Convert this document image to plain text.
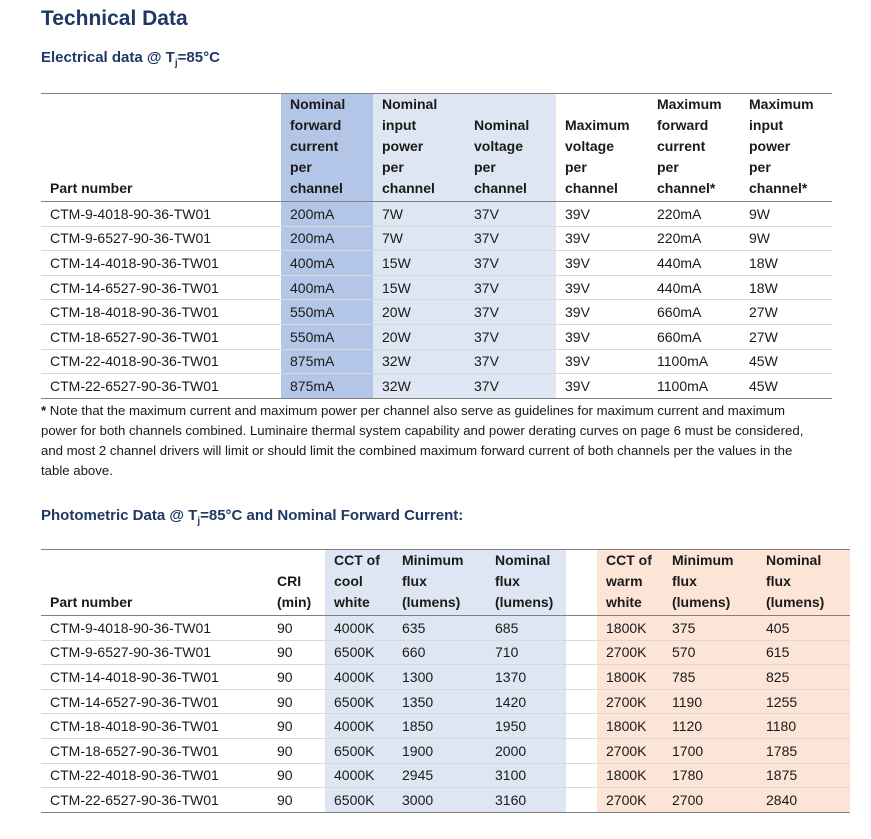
Technical Data
Electrical data @ $T_j=85^\circ C$
Part number	Nominal
forward
current
per
channel	Nominal
input
power
per
channel	Nominal
voltage
per
channel	Maximum
voltage
per
channel	Maximum
forward
current
per
channel*	Maximum
input
power
per
channel*

CTM-9-4018-90-36-TW01	200mA	7W	37V	39V	220mA	9W
CTM-9-6527-90-36-TW01	200mA	7W	37V	39V	220mA	9W
CTM-14-4018-90-36-TW01	400mA	15W	37V	39V	440mA	18W
CTM-14-6527-90-36-TW01	400mA	15W	37V	39V	440mA	18W
CTM-18-4018-90-36-TW01	550mA	20W	37V	39V	660mA	27W
CTM-18-6527-90-36-TW01	550mA	20W	37V	39V	660mA	27W
CTM-22-4018-90-36-TW01	875mA	32W	37V	39V	1100mA	45W
CTM-22-6527-90-36-TW01	875mA	32W	37V	39V	1100mA	45W
* Note that the maximum current and maximum power per channel also serve as guidelines for maximum current and maximum power for both channels combined. Luminaire thermal system capability and power derating curves on page 6 must be considered, and most 2 channel drivers will limit or should limit the combined maximum forward current of both channels per the values in the table above.
Photometric Data @ $T_j=85^\circ C$ and Nominal Forward Current:
Part number	CRI
(min)	CCT of
cool
white	Minimum
flux
(lumens)	Nominal
flux
(lumens)		CCT of
warm
white	Minimum
flux
(lumens)	Nominal
flux
(lumens)

CTM-9-4018-90-36-TW01	90	4000K	635	685		1800K	375	405
CTM-9-6527-90-36-TW01	90	6500K	660	710		2700K	570	615
CTM-14-4018-90-36-TW01	90	4000K	1300	1370		1800K	785	825
CTM-14-6527-90-36-TW01	90	6500K	1350	1420		2700K	1190	1255
CTM-18-4018-90-36-TW01	90	4000K	1850	1950		1800K	1120	1180
CTM-18-6527-90-36-TW01	90	6500K	1900	2000		2700K	1700	1785
CTM-22-4018-90-36-TW01	90	4000K	2945	3100		1800K	1780	1875
CTM-22-6527-90-36-TW01	90	6500K	3000	3160		2700K	2700	2840
